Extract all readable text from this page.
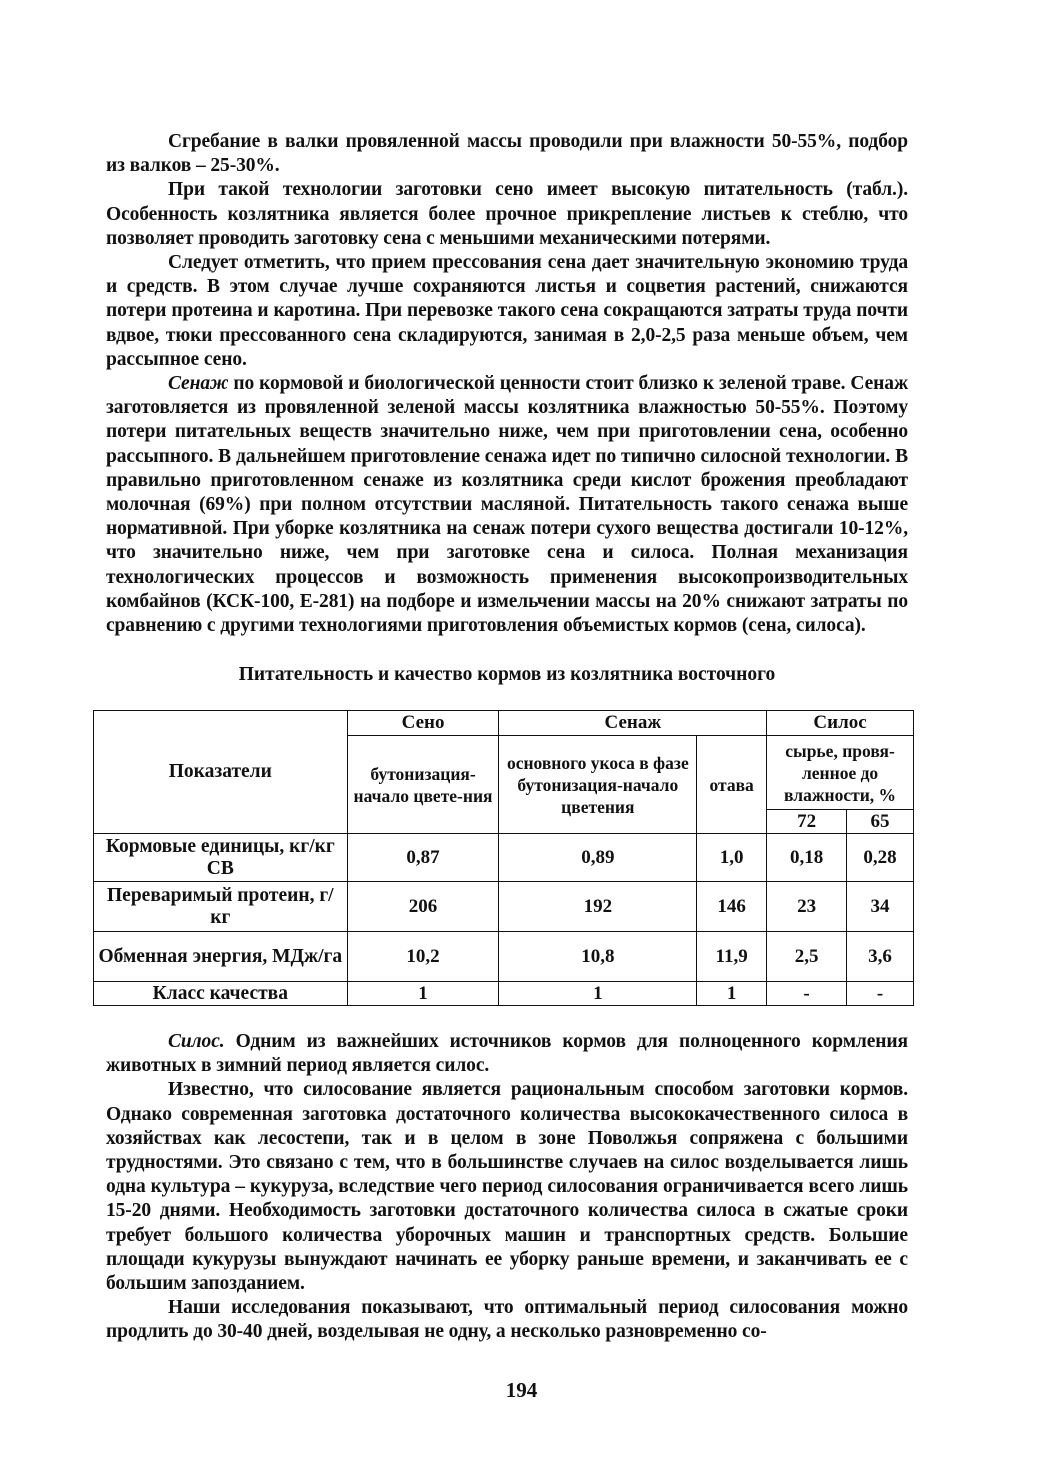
Сгребание в валки провяленной массы проводили при влажности 50-55%, подбор из валков – 25-30%.

При такой технологии заготовки сено имеет высокую питательность (табл.). Особенность козлятника является более прочное прикрепление листьев к стеблю, что позволяет проводить заготовку сена с меньшими механическими потерями.

Следует отметить, что прием прессования сена дает значительную экономию труда и средств. В этом случае лучше сохраняются листья и соцветия растений, снижаются потери протеина и каротина. При перевозке такого сена сокращаются затраты труда почти вдвое, тюки прессованного сена складируются, занимая в 2,0-2,5 раза меньше объем, чем рассыпное сено.

Сенаж по кормовой и биологической ценности стоит близко к зеленой траве. Сенаж заготовляется из провяленной зеленой массы козлятника влажностью 50-55%. Поэтому потери питательных веществ значительно ниже, чем при приготовлении сена, особенно рассыпного. В дальнейшем приготовление сенажа идет по типично силосной технологии. В правильно приготовленном сенаже из козлятника среди кислот брожения преобладают молочная (69%) при полном отсутствии масляной. Питательность такого сенажа выше нормативной. При уборке козлятника на сенаж потери сухого вещества достигали 10-12%, что значительно ниже, чем при заготовке сена и силоса. Полная механизация технологических процессов и возможность применения высокопроизводительных комбайнов (КСК-100, Е-281) на подборе и измельчении массы на 20% снижают затраты по сравнению с другими технологиями приготовления объемистых кормов (сена, силоса).

Питательность и качество кормов из козлятника восточного
Показатели	Сено	Сенаж		Силос	
	бутонизация-начало цвете-ния	основного укоса в фазе бутонизация-начало цветения	отава	сырье, провя-ленное до влажности, %	
				72	65
Кормовые единицы, кг/кг СВ	0,87	0,89	1,0	0,18	0,28
Переваримый протеин, г/кг	206	192	146	23	34
Обменная энергия, МДж/га	10,2	10,8	11,9	2,5	3,6
Класс качества	1	1	1	-	-

Силос. Одним из важнейших источников кормов для полноценного кормления животных в зимний период является силос.

Известно, что силосование является рациональным способом заготовки кормов. Однако современная заготовка достаточного количества высококачественного силоса в хозяйствах как лесостепи, так и в целом в зоне Поволжья сопряжена с большими трудностями. Это связано с тем, что в большинстве случаев на силос возделывается лишь одна культура – кукуруза, вследствие чего период силосования ограничивается всего лишь 15-20 днями. Необходимость заготовки достаточного количества силоса в сжатые сроки требует большого количества уборочных машин и транспортных средств. Большие площади кукурузы вынуждают начинать ее уборку раньше времени, и заканчивать ее с большим запозданием.

Наши исследования показывают, что оптимальный период силосования можно продлить до 30-40 дней, возделывая не одну, а несколько разновременно со-

194
